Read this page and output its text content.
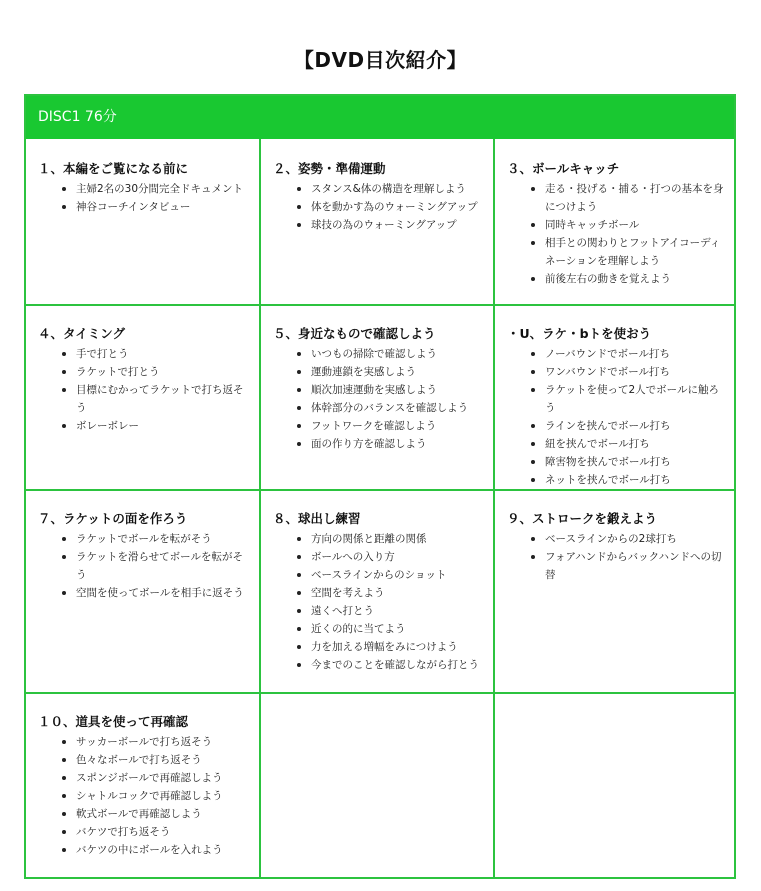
【DVD目次紹介】
DISC1 76分
１、本編をご覧になる前に
主婦2名の30分間完全ドキュメント
神谷コーチインタビュー
２、姿勢・準備運動
スタンス&体の構造を理解しよう
体を動かす為のウォーミングアップ
球技の為のウォーミングアップ
３、ボールキャッチ
走る・投げる・捕る・打つの基本を身につけよう
同時キャッチボール
相手との関わりとフットアイコーディネーションを理解しよう
前後左右の動きを覚えよう
４、タイミング
手で打とう
ラケットで打とう
目標にむかってラケットで打ち返そう
ボレーボレー
５、身近なもので確認しよう
いつもの掃除で確認しよう
運動連鎖を実感しよう
順次加速運動を実感しよう
体幹部分のバランスを確認しよう
フットワークを確認しよう
面の作り方を確認しよう
・U、ラケ・bトを使おう
ノーバウンドでボール打ち
ワンバウンドでボール打ち
ラケットを使って2人でボールに触ろう
ラインを挟んでボール打ち
紐を挟んでボール打ち
障害物を挟んでボール打ち
ネットを挟んでボール打ち
７、ラケットの面を作ろう
ラケットでボールを転がそう
ラケットを滑らせてボールを転がそう
空間を使ってボールを相手に返そう
８、球出し練習
方向の関係と距離の関係
ボールへの入り方
ベースラインからのショット
空間を考えよう
遠くへ打とう
近くの的に当てよう
力を加える増幅をみにつけよう
今までのことを確認しながら打とう
９、ストロークを鍛えよう
ベースラインからの2球打ち
フォアハンドからバックハンドへの切替
１０、道具を使って再確認
サッカーボールで打ち返そう
色々なボールで打ち返そう
スポンジボールで再確認しよう
シャトルコックで再確認しよう
軟式ボールで再確認しよう
バケツで打ち返そう
バケツの中にボールを入れよう
